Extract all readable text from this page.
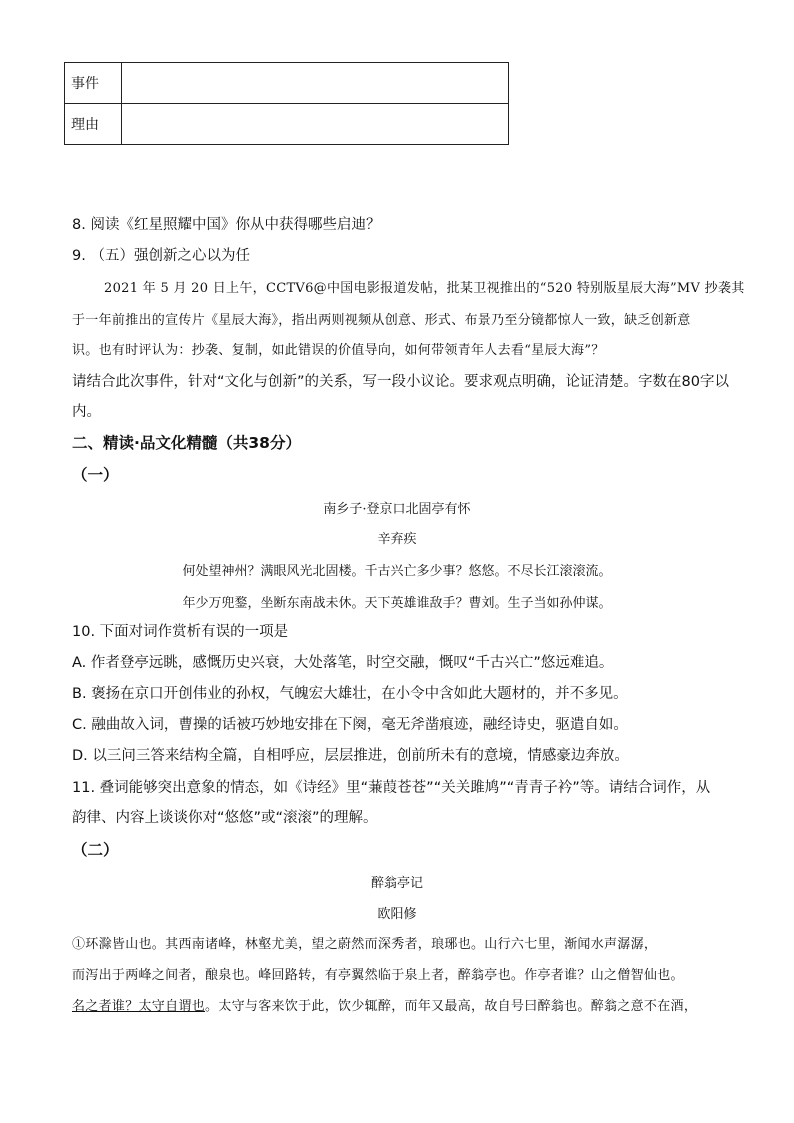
事件	
理由	
8. 阅读《红星照耀中国》你从中获得哪些启迪？
9. （五）强创新之心以为任
2021 年 5 月 20 日上午，CCTV6@中国电影报道发帖，批某卫视推出的“520 特别版星辰大海”MV 抄袭其
于一年前推出的宣传片《星辰大海》，指出两则视频从创意、形式、布景乃至分镜都惊人一致，缺乏创新意
识。也有时评认为：抄袭、复制，如此错误的价值导向，如何带领青年人去看“星辰大海”？
请结合此次事件，针对“文化与创新”的关系，写一段小议论。要求观点明确，论证清楚。字数在80字以
内。
二、精读·品文化精髓（共38分）
（一）
南乡子·登京口北固亭有怀
辛弃疾
何处望神州？满眼风光北固楼。千古兴亡多少事？悠悠。不尽长江滚滚流。
年少万兜鍪，坐断东南战未休。天下英雄谁敌手？曹刘。生子当如孙仲谋。
10. 下面对词作赏析有误的一项是
A. 作者登亭远眺，感慨历史兴衰，大处落笔，时空交融，慨叹“千古兴亡”悠远难追。
B. 褒扬在京口开创伟业的孙权，气魄宏大雄壮，在小令中含如此大题材的，并不多见。
C. 融曲故入词，曹操的话被巧妙地安排在下阕，毫无斧凿痕迹，融经诗史，驱遣自如。
D. 以三问三答来结构全篇，自相呼应，层层推进，创前所未有的意境，情感豪边奔放。
11. 叠词能够突出意象的情态，如《诗经》里“蒹葭苍苍”“关关雎鸠”“青青子衿”等。请结合词作，从
韵律、内容上谈谈你对“悠悠”或“滚滚”的理解。
（二）
醉翁亭记
欧阳修
①环滁皆山也。其西南诸峰，林壑尤美，望之蔚然而深秀者，琅琊也。山行六七里，渐闻水声潺潺，
而泻出于两峰之间者，酿泉也。峰回路转，有亭翼然临于泉上者，醉翁亭也。作亭者谁？山之僧智仙也。
名之者谁？太守自谓也。太守与客来饮于此，饮少辄醉，而年又最高，故自号曰醉翁也。醉翁之意不在酒，
